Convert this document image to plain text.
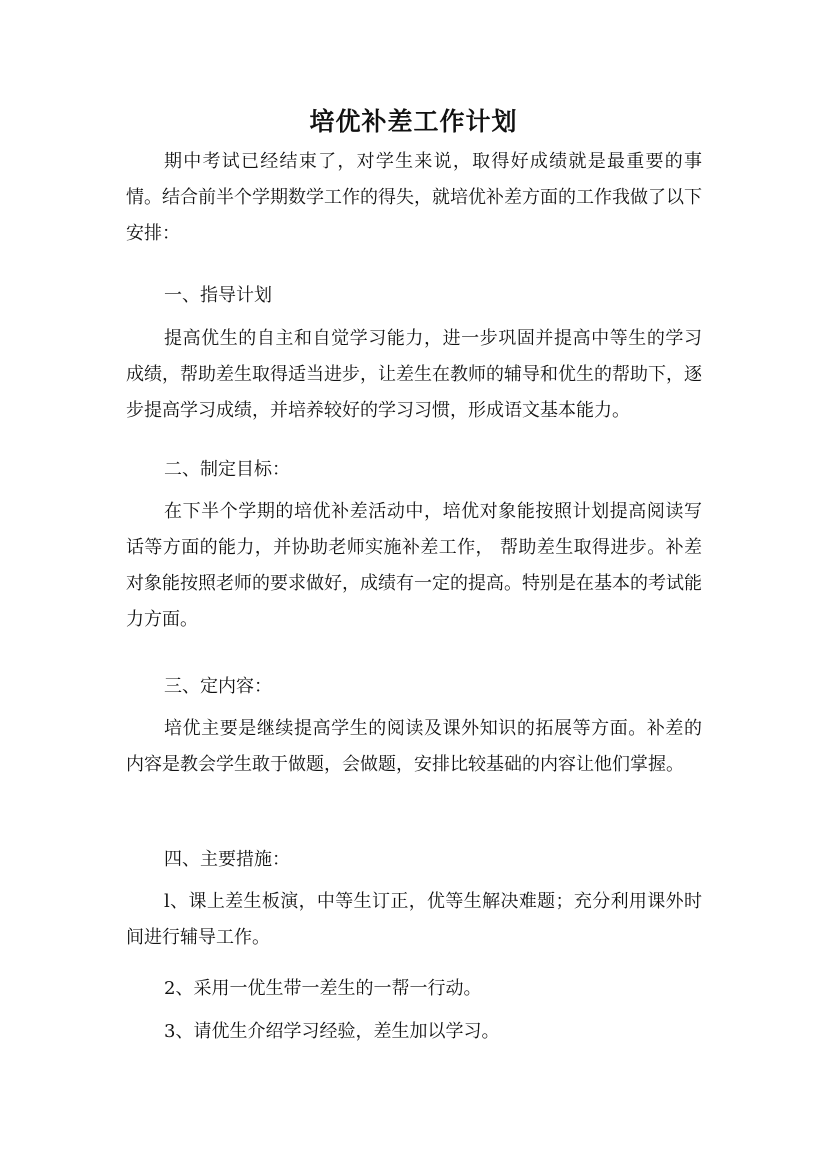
培优补差工作计划

期中考试已经结束了，对学生来说，取得好成绩就是最重要的事情。结合前半个学期数学工作的得失，就培优补差方面的工作我做了以下安排：

一、指导计划

提高优生的自主和自觉学习能力，进一步巩固并提高中等生的学习成绩，帮助差生取得适当进步，让差生在教师的辅导和优生的帮助下，逐步提高学习成绩，并培养较好的学习习惯，形成语文基本能力。

二、制定目标：

在下半个学期的培优补差活动中，培优对象能按照计划提高阅读写话等方面的能力，并协助老师实施补差工作， 帮助差生取得进步。补差对象能按照老师的要求做好，成绩有一定的提高。特别是在基本的考试能力方面。

三、定内容：

培优主要是继续提高学生的阅读及课外知识的拓展等方面。补差的内容是教会学生敢于做题，会做题，安排比较基础的内容让他们掌握。

四、主要措施：

l、课上差生板演，中等生订正，优等生解决难题；充分利用课外时间进行辅导工作。

2、采用一优生带一差生的一帮一行动。

3、请优生介绍学习经验，差生加以学习。
